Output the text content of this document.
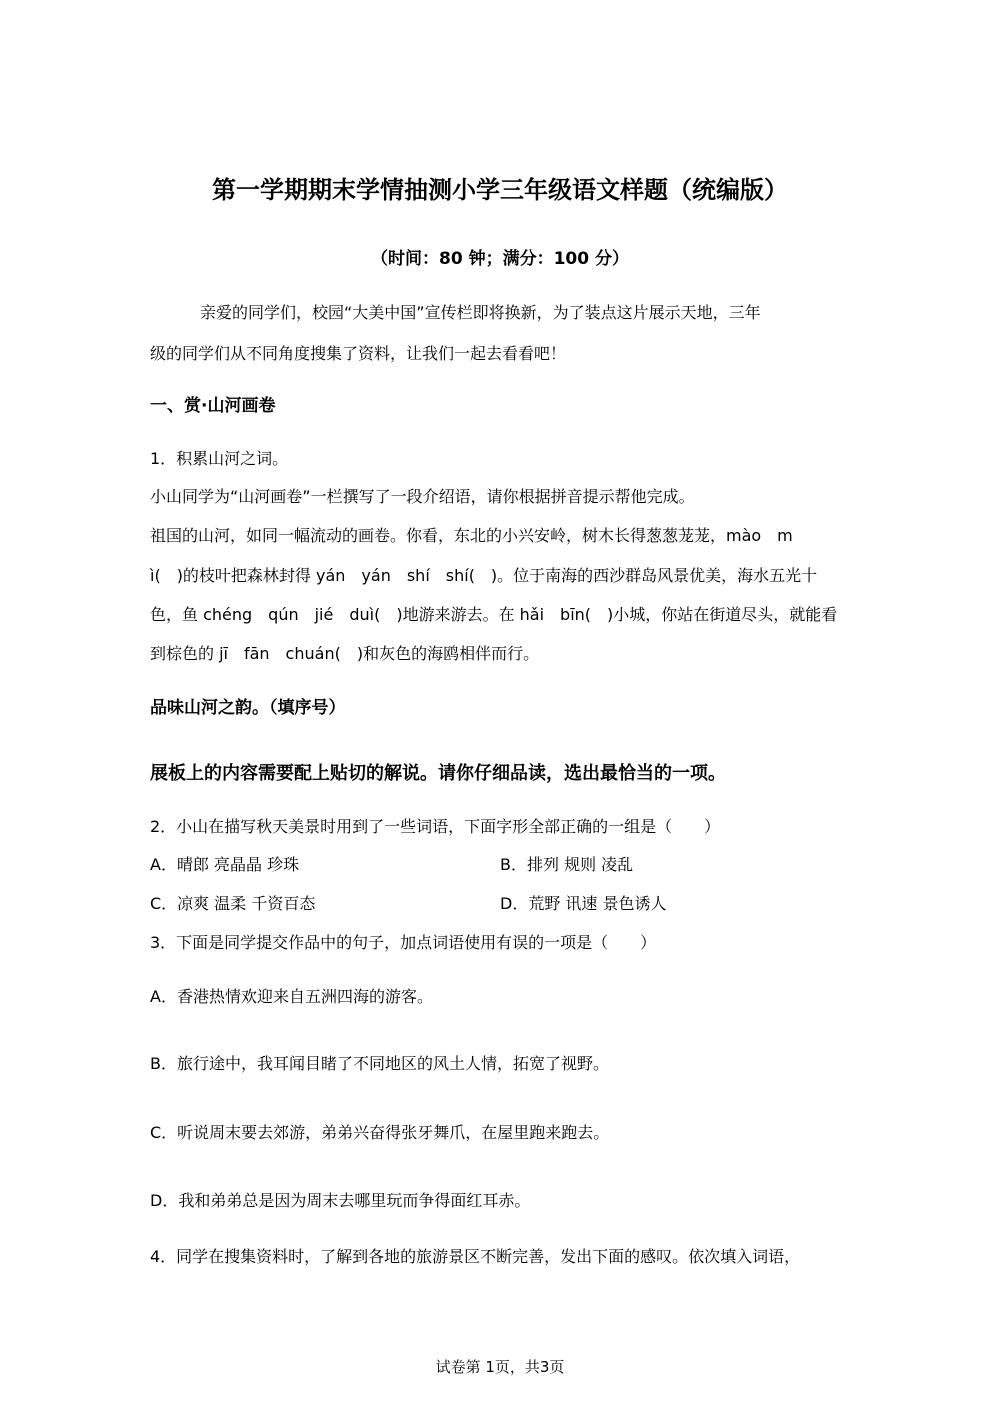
第一学期期末学情抽测小学三年级语文样题（统编版）
（时间：80 钟；满分：100 分）
亲爱的同学们，校园“大美中国”宣传栏即将换新，为了装点这片展示天地，三年
级的同学们从不同角度搜集了资料，让我们一起去看看吧！
一、赏·山河画卷
1．积累山河之词。
小山同学为“山河画卷”一栏撰写了一段介绍语，请你根据拼音提示帮他完成。
祖国的山河，如同一幅流动的画卷。你看，东北的小兴安岭，树木长得葱葱茏茏，mào　m
ì(　)的枝叶把森林封得 yán　yán　shí　shí(　)。位于南海的西沙群岛风景优美，海水五光十
色，鱼 chéng　qún　jié　duì(　)地游来游去。在 hǎi　bīn(　)小城，你站在街道尽头，就能看
到棕色的 jī　fān　chuán(　)和灰色的海鸥相伴而行。
品味山河之韵。（填序号）
展板上的内容需要配上贴切的解说。请你仔细品读，选出最恰当的一项。
2．小山在描写秋天美景时用到了一些词语，下面字形全部正确的一组是（　　）
A．晴郎 亮晶晶 珍珠	B．排列 规则 凌乱
C．凉爽 温柔 千资百态	D．荒野 讯速 景色诱人
3．下面是同学提交作品中的句子，加点词语使用有误的一项是（　　）
A．香港热情欢迎来自五洲四海的游客。
B．旅行途中，我耳闻目睹了不同地区的风土人情，拓宽了视野。
C．听说周末要去郊游，弟弟兴奋得张牙舞爪，在屋里跑来跑去。
D．我和弟弟总是因为周末去哪里玩而争得面红耳赤。
4．同学在搜集资料时，了解到各地的旅游景区不断完善，发出下面的感叹。依次填入词语，
试卷第 1页，共3页
